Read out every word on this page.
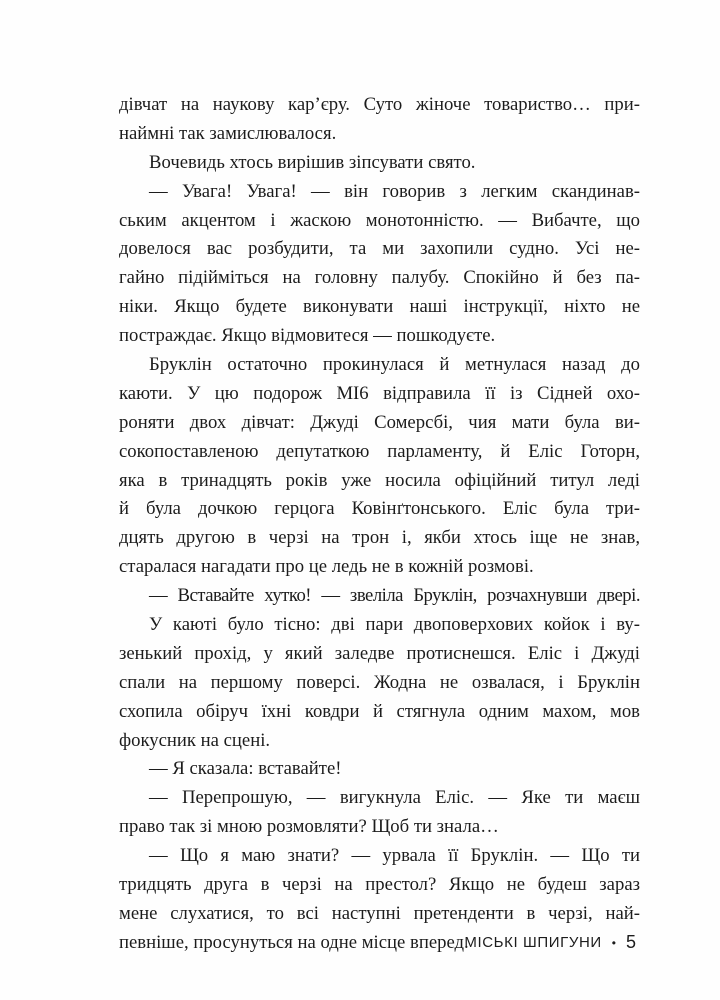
дівчат на наукову кар’єру. Суто жіноче товариство… при-
наймні так замислювалося.
Вочевидь хтось вирішив зіпсувати свято.
— Увага! Увага! — він говорив з легким скандинав-
ським акцентом і жаскою монотонністю. — Вибачте, що
довелося вас розбудити, та ми захопили судно. Усі не-
гайно підійміться на головну палубу. Спокійно й без па-
ніки. Якщо будете виконувати наші інструкції, ніхто не
постраждає. Якщо відмовитеся — пошкодуєте.
Бруклін остаточно прокинулася й метнулася назад до
каюти. У цю подорож МІ6 відправила її із Сідней охо-
роняти двох дівчат: Джуді Сомерсбі, чия мати була ви-
сокопоставленою депутаткою парламенту, й Еліс Готорн,
яка в тринадцять років уже носила офіційний титул леді
й була дочкою герцога Ковінґтонського. Еліс була три-
дцять другою в черзі на трон і, якби хтось іще не знав,
старалася нагадати про це ледь не в кожній розмові.
— Вставайте хутко! — звеліла Бруклін, розчахнувши двері.
У каюті було тісно: дві пари двоповерхових койок і ву-
зенький прохід, у який заледве протиснешся. Еліс і Джуді
спали на першому поверсі. Жодна не озвалася, і Бруклін
схопила обіруч їхні ковдри й стягнула одним махом, мов
фокусник на сцені.
— Я сказала: вставайте!
— Перепрошую, — вигукнула Еліс. — Яке ти маєш
право так зі мною розмовляти? Щоб ти знала…
— Що я маю знати? — урвала її Бруклін. — Що ти
тридцять друга в черзі на престол? Якщо не будеш зараз
мене слухатися, то всі наступні претенденти в черзі, най-
певніше, просунуться на одне місце вперед.
МІСЬКІ ШПИГУНИ • 5
